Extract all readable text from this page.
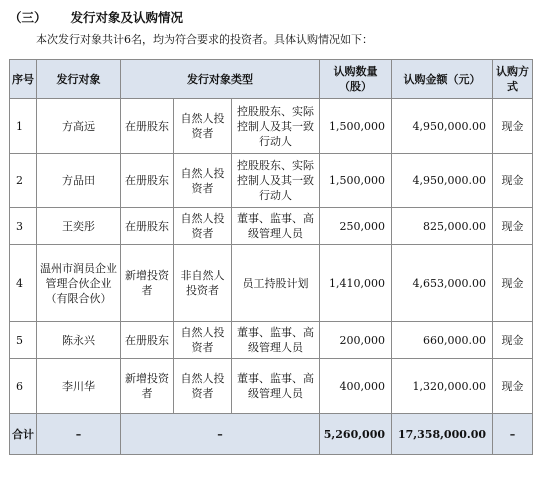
（三） 发行对象及认购情况
本次发行对象共计6名，均为符合要求的投资者。具体认购情况如下：
序号	发行对象	发行对象类型			认购数量（股）	认购金额（元）	认购方式
1	方高远	在册股东	自然人投资者	控股股东、实际控制人及其一致行动人	1,500,000	4,950,000.00	现金
2	方品田	在册股东	自然人投资者	控股股东、实际控制人及其一致行动人	1,500,000	4,950,000.00	现金
3	王奕彤	在册股东	自然人投资者	董事、监事、高级管理人员	250,000	825,000.00	现金
4	温州市润员企业管理合伙企业（有限合伙）	新增投资者	非自然人投资者	员工持股计划	1,410,000	4,653,000.00	现金
5	陈永兴	在册股东	自然人投资者	董事、监事、高级管理人员	200,000	660,000.00	现金
6	李川华	新增投资者	自然人投资者	董事、监事、高级管理人员	400,000	1,320,000.00	现金
合计	–	–			5,260,000	17,358,000.00	–
